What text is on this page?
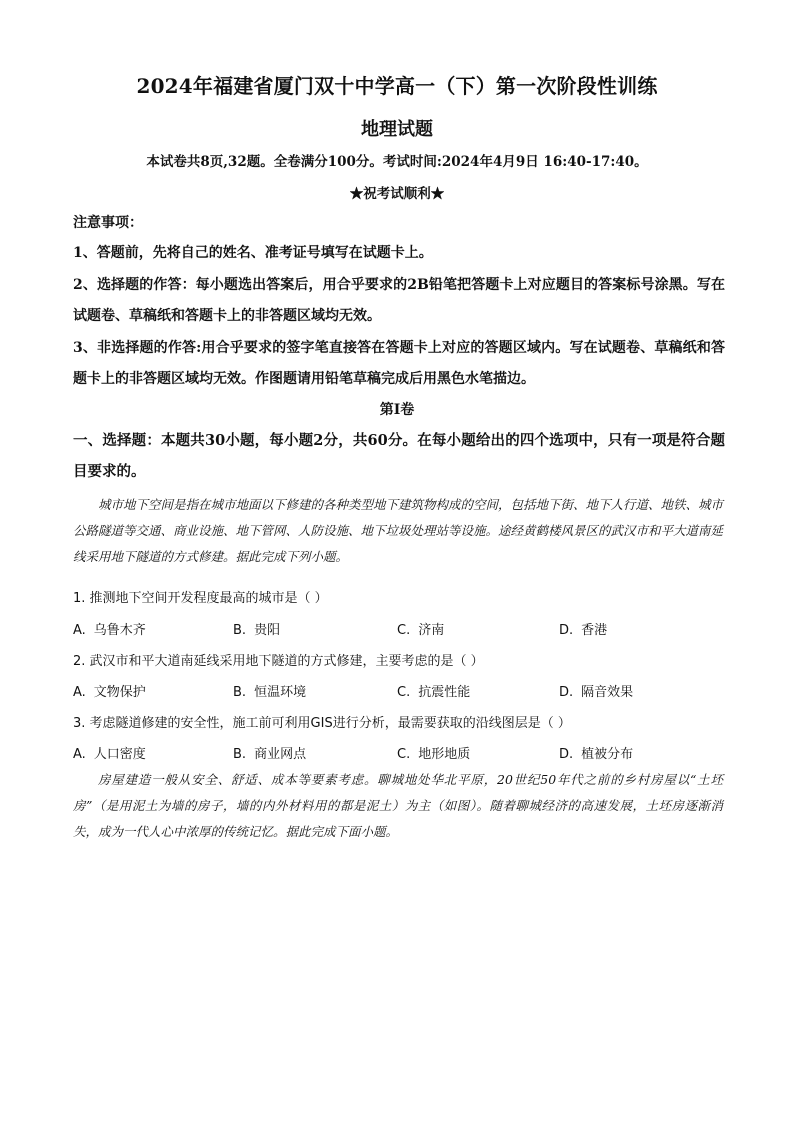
2024年福建省厦门双十中学高一（下）第一次阶段性训练
地理试题
本试卷共8页,32题。全卷满分100分。考试时间:2024年4月9日 16:40-17:40。
★祝考试顺利★
注意事项：
1、答题前，先将自己的姓名、准考证号填写在试题卡上。
2、选择题的作答：每小题选出答案后，用合乎要求的2B铅笔把答题卡上对应题目的答案标号涂黑。写在试题卷、草稿纸和答题卡上的非答题区域均无效。
3、非选择题的作答:用合乎要求的签字笔直接答在答题卡上对应的答题区域内。写在试题卷、草稿纸和答题卡上的非答题区域均无效。作图题请用铅笔草稿完成后用黑色水笔描边。
第Ⅰ卷
一、选择题：本题共30小题，每小题2分，共60分。在每小题给出的四个选项中，只有一项是符合题目要求的。
城市地下空间是指在城市地面以下修建的各种类型地下建筑物构成的空间，包括地下街、地下人行道、地铁、城市公路隧道等交通、商业设施、地下管网、人防设施、地下垃圾处理站等设施。途经黄鹤楼风景区的武汉市和平大道南延线采用地下隧道的方式修建。据此完成下列小题。
1. 推测地下空间开发程度最高的城市是（ ）
A. 乌鲁木齐	B. 贵阳	C. 济南	D. 香港
2. 武汉市和平大道南延线采用地下隧道的方式修建，主要考虑的是（ ）
A. 文物保护	B. 恒温环境	C. 抗震性能	D. 隔音效果
3. 考虑隧道修建的安全性，施工前可利用GIS进行分析，最需要获取的沿线图层是（ ）
A. 人口密度	B. 商业网点	C. 地形地质	D. 植被分布
房屋建造一般从安全、舒适、成本等要素考虑。聊城地处华北平原，20世纪50年代之前的乡村房屋以“土坯房”（是用泥土为墙的房子，墙的内外材料用的都是泥土）为主（如图）。随着聊城经济的高速发展，土坯房逐渐消失，成为一代人心中浓厚的传统记忆。据此完成下面小题。
